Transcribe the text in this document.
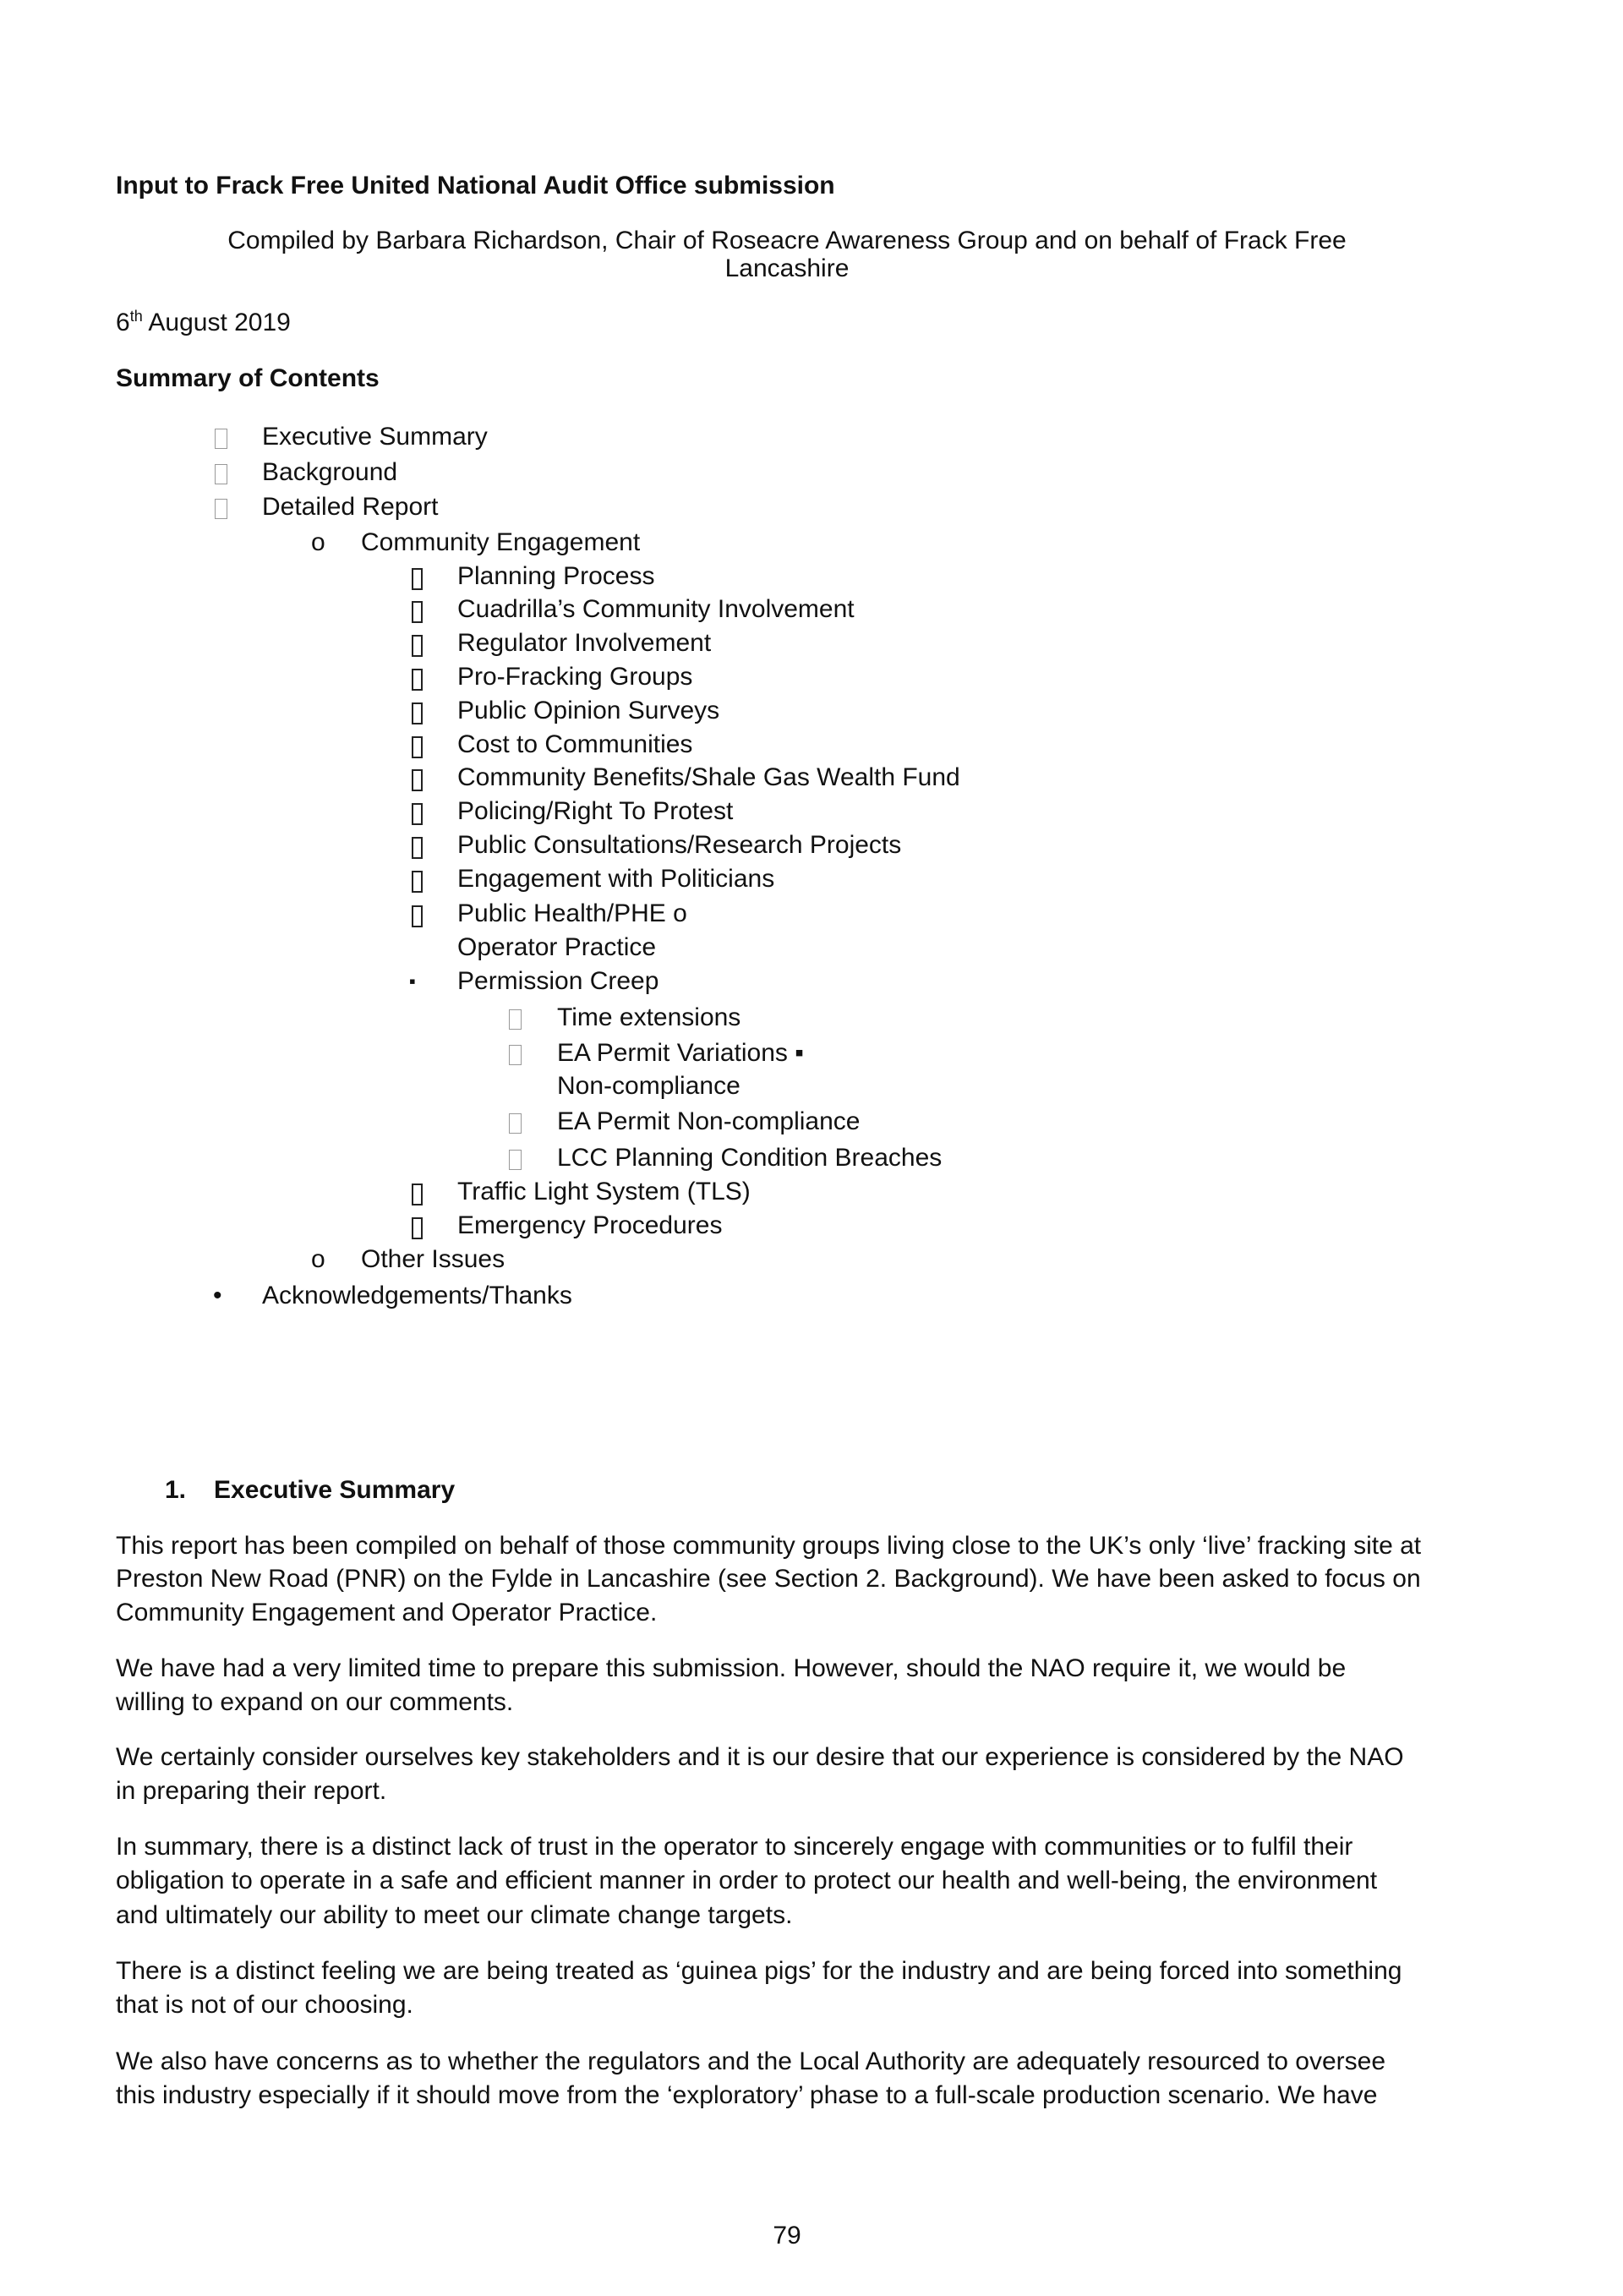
Input to Frack Free United National Audit Office submission
Compiled by Barbara Richardson, Chair of Roseacre Awareness Group and on behalf of Frack Free
Lancashire
6th August 2019
Summary of Contents
Executive Summary
Background
Detailed Report
o Community Engagement
Planning Process
Cuadrilla’s Community Involvement
Regulator Involvement
Pro-Fracking Groups
Public Opinion Surveys
Cost to Communities
Community Benefits/Shale Gas Wealth Fund
Policing/Right To Protest
Public Consultations/Research Projects
Engagement with Politicians
Public Health/PHE o
Operator Practice
▪ Permission Creep
Time extensions
EA Permit Variations ▪
Non-compliance
EA Permit Non-compliance
LCC Planning Condition Breaches
Traffic Light System (TLS)
Emergency Procedures
o Other Issues
• Acknowledgements/Thanks
1. Executive Summary
This report has been compiled on behalf of those community groups living close to the UK’s only ‘live’ fracking site at
Preston New Road (PNR) on the Fylde in Lancashire (see Section 2. Background). We have been asked to focus on
Community Engagement and Operator Practice.
We have had a very limited time to prepare this submission. However, should the NAO require it, we would be
willing to expand on our comments.
We certainly consider ourselves key stakeholders and it is our desire that our experience is considered by the NAO
in preparing their report.
In summary, there is a distinct lack of trust in the operator to sincerely engage with communities or to fulfil their
obligation to operate in a safe and efficient manner in order to protect our health and well-being, the environment
and ultimately our ability to meet our climate change targets.
There is a distinct feeling we are being treated as ‘guinea pigs’ for the industry and are being forced into something
that is not of our choosing.
We also have concerns as to whether the regulators and the Local Authority are adequately resourced to oversee
this industry especially if it should move from the ‘exploratory’ phase to a full-scale production scenario. We have
79
